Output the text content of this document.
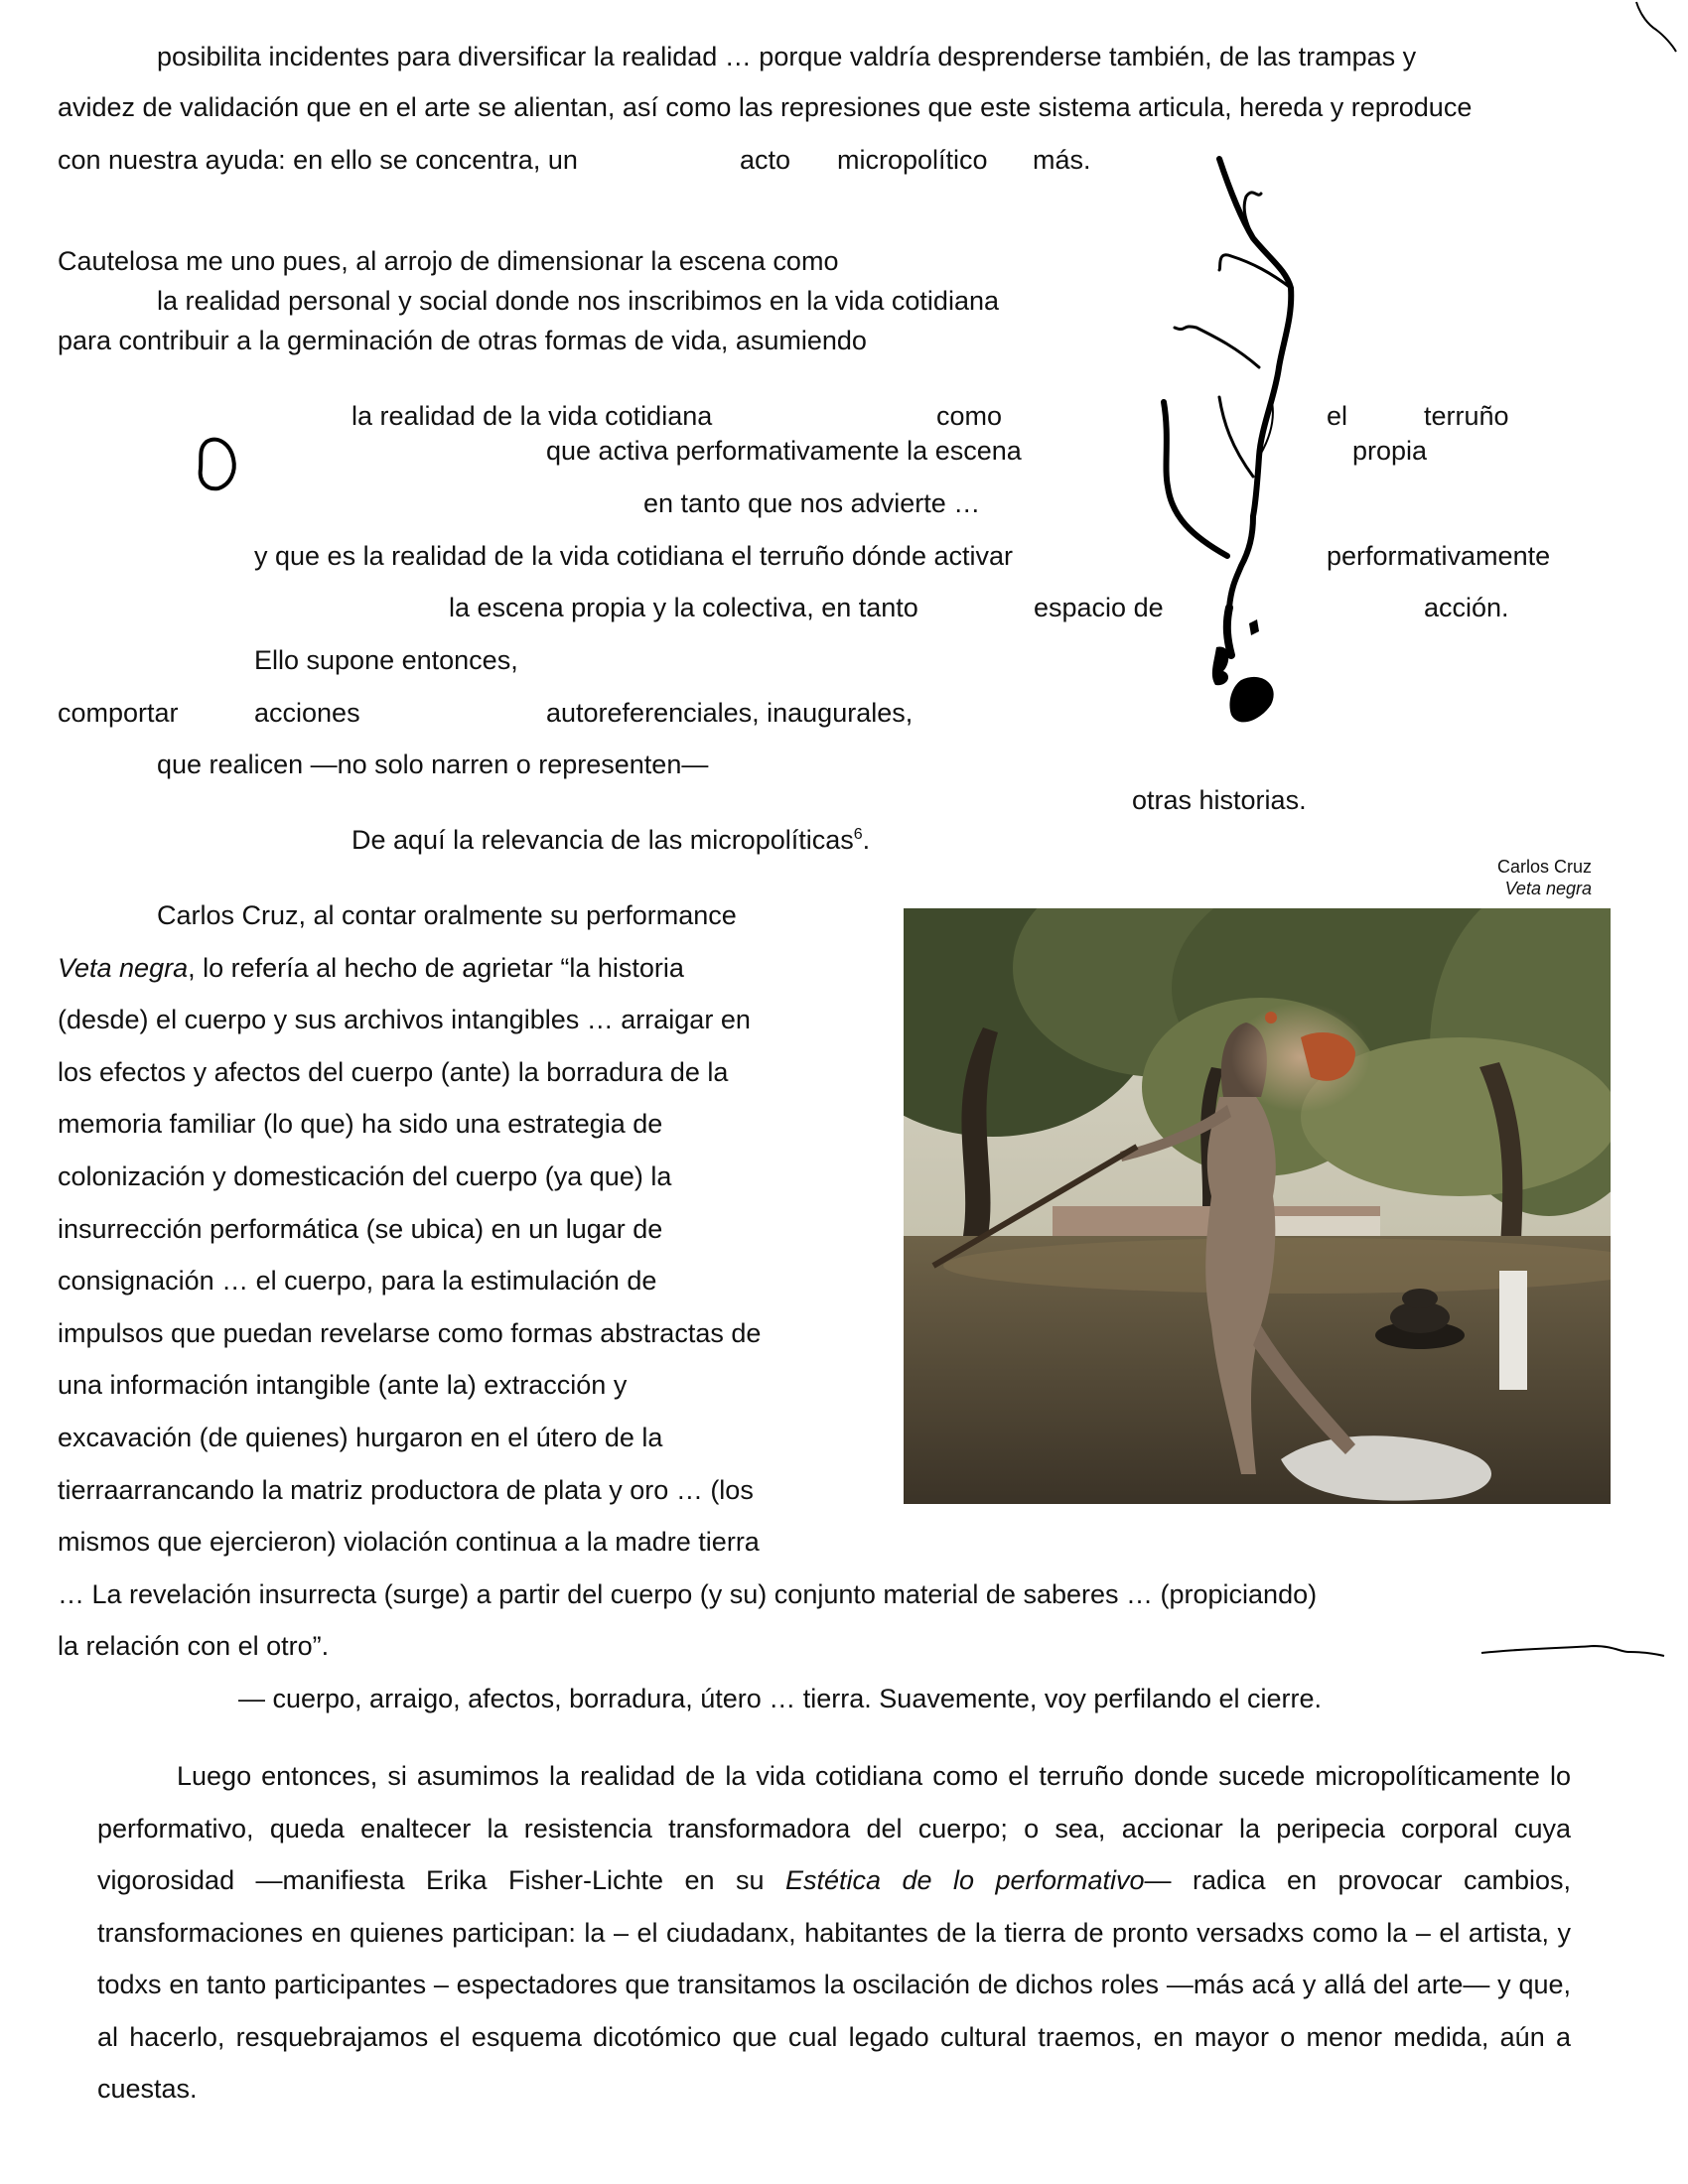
posibilita incidentes para diversificar la realidad … porque valdría desprenderse también, de las trampas y
avidez de validación que en el arte se alientan, así como las represiones que este sistema articula, hereda y reproduce
con nuestra ayuda: en ello se concentra, un	acto micropolítico más.
Cautelosa me uno pues, al arrojo de dimensionar la escena como
la realidad personal y social donde nos inscribimos en la vida cotidiana
para contribuir a la germinación de otras formas de vida, asumiendo
la realidad de la vida cotidiana	como	el	terruño
que activa performativamente la escena	propia
en tanto que nos advierte …
y que es la realidad de la vida cotidiana el terruño dónde activar	performativamente
la escena propia y la colectiva, en tanto	espacio de	acción.
Ello supone entonces,
comportar	acciones	autoreferenciales, inaugurales,
que realicen —no solo narren o representen—
otras historias.
De aquí la relevancia de las micropolíticas$^6$.
Carlos Cruz
Veta negra
Carlos Cruz, al contar oralmente su performance
Veta negra, lo refería al hecho de agrietar “la historia
(desde) el cuerpo y sus archivos intangibles … arraigar en
los efectos y afectos del cuerpo (ante) la borradura de la
memoria familiar (lo que) ha sido una estrategia de
colonización y domesticación del cuerpo (ya que) la
insurrección performática (se ubica) en un lugar de
consignación … el cuerpo, para la estimulación de
impulsos que puedan revelarse como formas abstractas de
una información intangible (ante la) extracción y
excavación (de quienes) hurgaron en el útero de la
tierraarrancando la matriz productora de plata y oro … (los
mismos que ejercieron) violación continua a la madre tierra
… La revelación insurrecta (surge) a partir del cuerpo (y su) conjunto material de saberes … (propiciando)
la relación con el otro”.
— cuerpo, arraigo, afectos, borradura, útero … tierra. Suavemente, voy perfilando el cierre.
Luego entonces, si asumimos la realidad de la vida cotidiana como el terruño donde sucede micropolíticamente lo performativo, queda enaltecer la resistencia transformadora del cuerpo; o sea, accionar la peripecia corporal cuya vigorosidad —manifiesta Erika Fisher-Lichte en su Estética de lo performativo— radica en provocar cambios, transformaciones en quienes participan: la – el ciudadanx, habitantes de la tierra de pronto versadxs como la – el artista, y todxs en tanto participantes – espectadores que transitamos la oscilación de dichos roles —más acá y allá del arte— y que, al hacerlo, resquebrajamos el esquema dicotómico que cual legado cultural traemos, en mayor o menor medida, aún a cuestas.
